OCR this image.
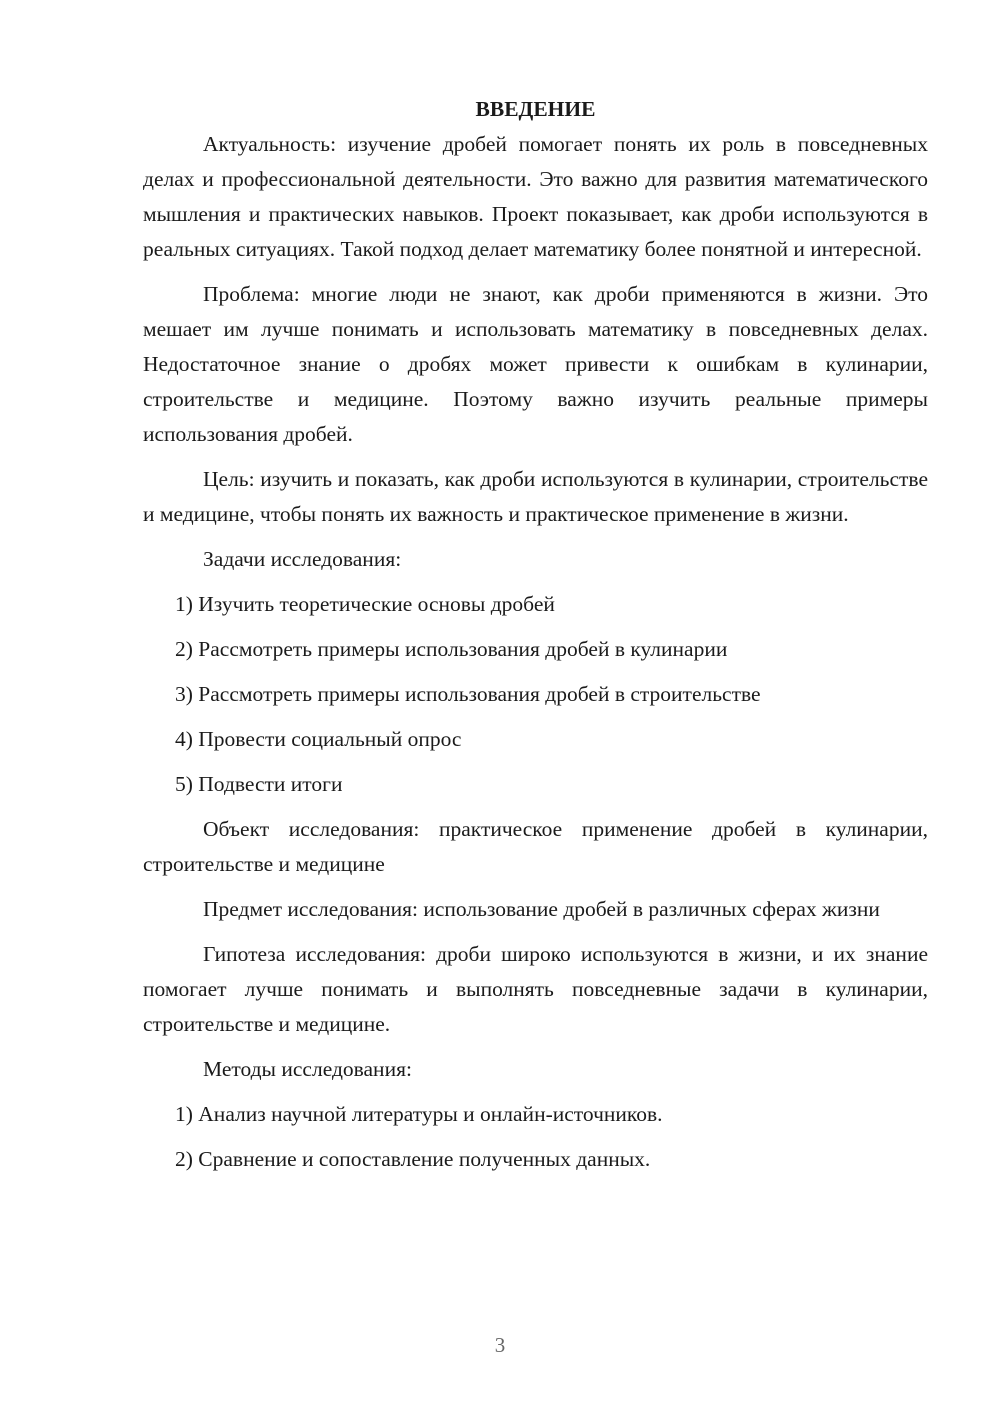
ВВЕДЕНИЕ

Актуальность: изучение дробей помогает понять их роль в повседневных делах и профессиональной деятельности. Это важно для развития математического мышления и практических навыков. Проект показывает, как дроби используются в реальных ситуациях. Такой подход делает математику более понятной и интересной.

Проблема: многие люди не знают, как дроби применяются в жизни. Это мешает им лучше понимать и использовать математику в повседневных делах. Недостаточное знание о дробях может привести к ошибкам в кулинарии, строительстве и медицине. Поэтому важно изучить реальные примеры использования дробей.

Цель: изучить и показать, как дроби используются в кулинарии, строительстве и медицине, чтобы понять их важность и практическое применение в жизни.

Задачи исследования:

1) Изучить теоретические основы дробей
2) Рассмотреть примеры использования дробей в кулинарии
3) Рассмотреть примеры использования дробей в строительстве
4) Провести социальный опрос
5) Подвести итоги

Объект исследования: практическое применение дробей в кулинарии, строительстве и медицине

Предмет исследования: использование дробей в различных сферах жизни

Гипотеза исследования: дроби широко используются в жизни, и их знание помогает лучше понимать и выполнять повседневные задачи в кулинарии, строительстве и медицине.

Методы исследования:

1) Анализ научной литературы и онлайн-источников.
2) Сравнение и сопоставление полученных данных.
3
